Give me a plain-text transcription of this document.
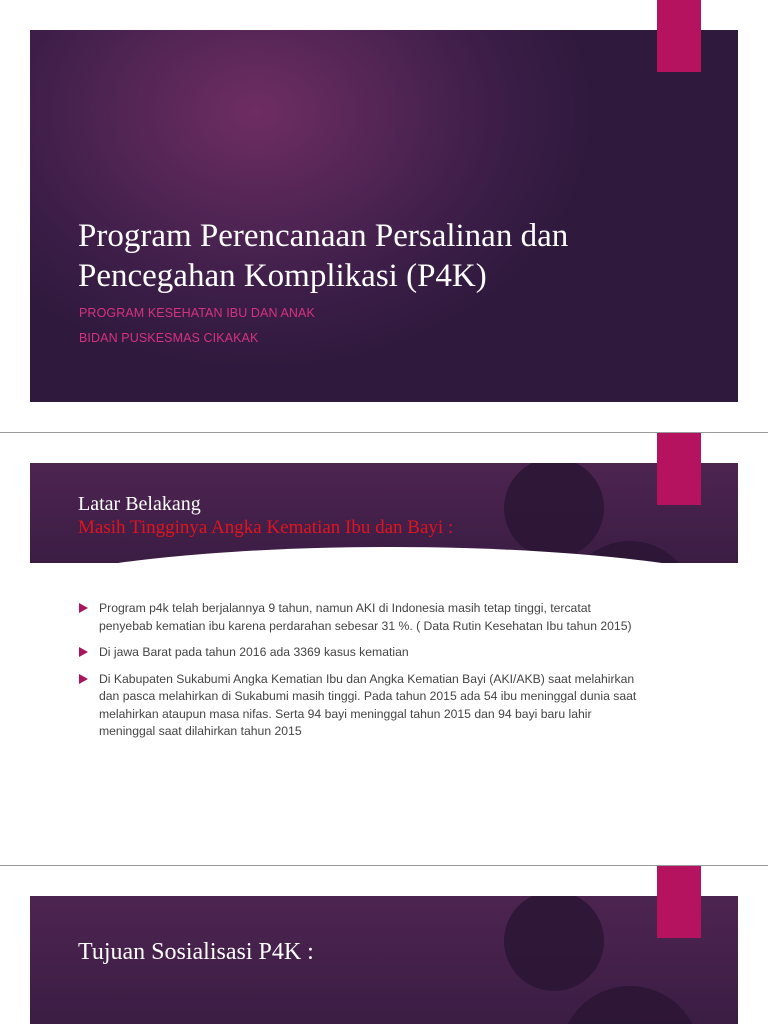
Program Perencanaan Persalinan dan
Pencegahan Komplikasi (P4K)
PROGRAM KESEHATAN IBU DAN ANAK
BIDAN PUSKESMAS CIKAKAK
Latar Belakang
Masih Tingginya Angka Kematian Ibu dan Bayi :
Program p4k telah berjalannya 9 tahun, namun AKI di Indonesia masih tetap tinggi, tercatat penyebab kematian ibu karena perdarahan sebesar 31 %. ( Data Rutin Kesehatan Ibu tahun 2015)
Di jawa Barat pada tahun 2016 ada 3369 kasus kematian
Di Kabupaten Sukabumi Angka Kematian Ibu dan Angka Kematian Bayi (AKI/AKB) saat melahirkan dan pasca melahirkan di Sukabumi masih tinggi. Pada tahun 2015 ada 54 ibu meninggal dunia saat melahirkan ataupun masa nifas. Serta 94 bayi meninggal tahun 2015 dan 94 bayi baru lahir meninggal saat dilahirkan tahun 2015
Tujuan Sosialisasi P4K :
